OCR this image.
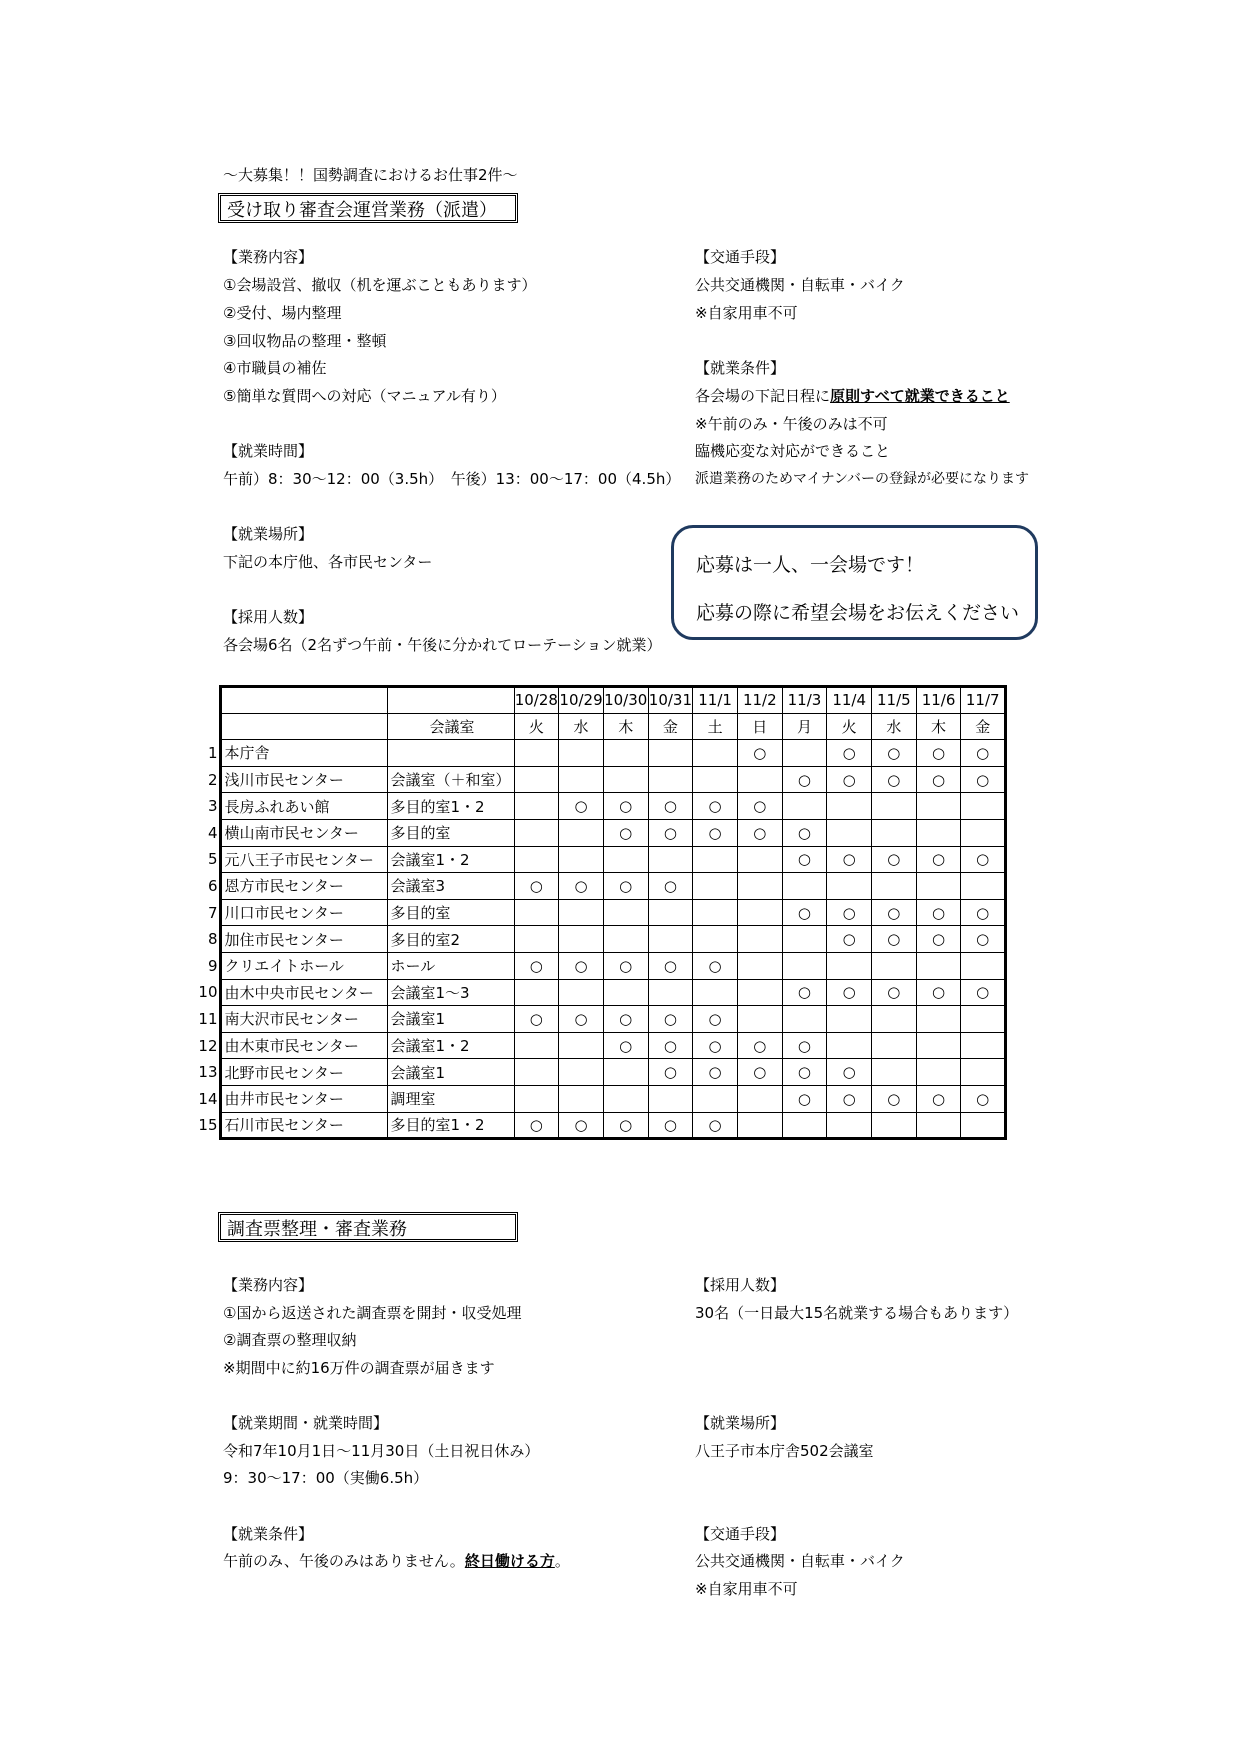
～大募集！！国勢調査におけるお仕事2件～
受け取り審査会運営業務（派遣）
【業務内容】
①会場設営、撤収（机を運ぶこともあります）
②受付、場内整理
③回収物品の整理・整頓
④市職員の補佐
⑤簡単な質問への対応（マニュアル有り）
【就業時間】
午前）8：30～12：00（3.5h）　午後）13：00～17：00（4.5h）
【就業場所】
下記の本庁他、各市民センター
【採用人数】
各会場6名（2名ずつ午前・午後に分かれてローテーション就業）
【交通手段】
公共交通機関・自転車・バイク
※自家用車不可
【就業条件】
各会場の下記日程に原則すべて就業できること
※午前のみ・午後のみは不可
臨機応変な対応ができること
派遣業務のためマイナンバーの登録が必要になります
応募は一人、一会場です！
応募の際に希望会場をお伝えください
			10/28	10/29	10/30	10/31	11/1	11/2	11/3	11/4	11/5	11/6	11/7
		会議室	火	水	木	金	土	日	月	火	水	木	金
1	本庁舎							○		○	○	○	○
2	浅川市民センター	会議室（＋和室）							○	○	○	○	○
3	長房ふれあい館	多目的室1・2		○	○	○	○	○					
4	横山南市民センター	多目的室			○	○	○	○	○				
5	元八王子市民センター	会議室1・2							○	○	○	○	○
6	恩方市民センター	会議室3	○	○	○	○							
7	川口市民センター	多目的室							○	○	○	○	○
8	加住市民センター	多目的室2								○	○	○	○
9	クリエイトホール	ホール	○	○	○	○	○						
10	由木中央市民センター	会議室1～3							○	○	○	○	○
11	南大沢市民センター	会議室1	○	○	○	○	○						
12	由木東市民センター	会議室1・2			○	○	○	○	○				
13	北野市民センター	会議室1				○	○	○	○	○			
14	由井市民センター	調理室							○	○	○	○	○
15	石川市民センター	多目的室1・2	○	○	○	○	○						
調査票整理・審査業務
【業務内容】
①国から返送された調査票を開封・収受処理
②調査票の整理収納
※期間中に約16万件の調査票が届きます
【就業期間・就業時間】
令和7年10月1日～11月30日（土日祝日休み）
9：30～17：00（実働6.5h）
【就業条件】
午前のみ、午後のみはありません。終日働ける方。
【採用人数】
30名（一日最大15名就業する場合もあります）
【就業場所】
八王子市本庁舎502会議室
【交通手段】
公共交通機関・自転車・バイク
※自家用車不可
